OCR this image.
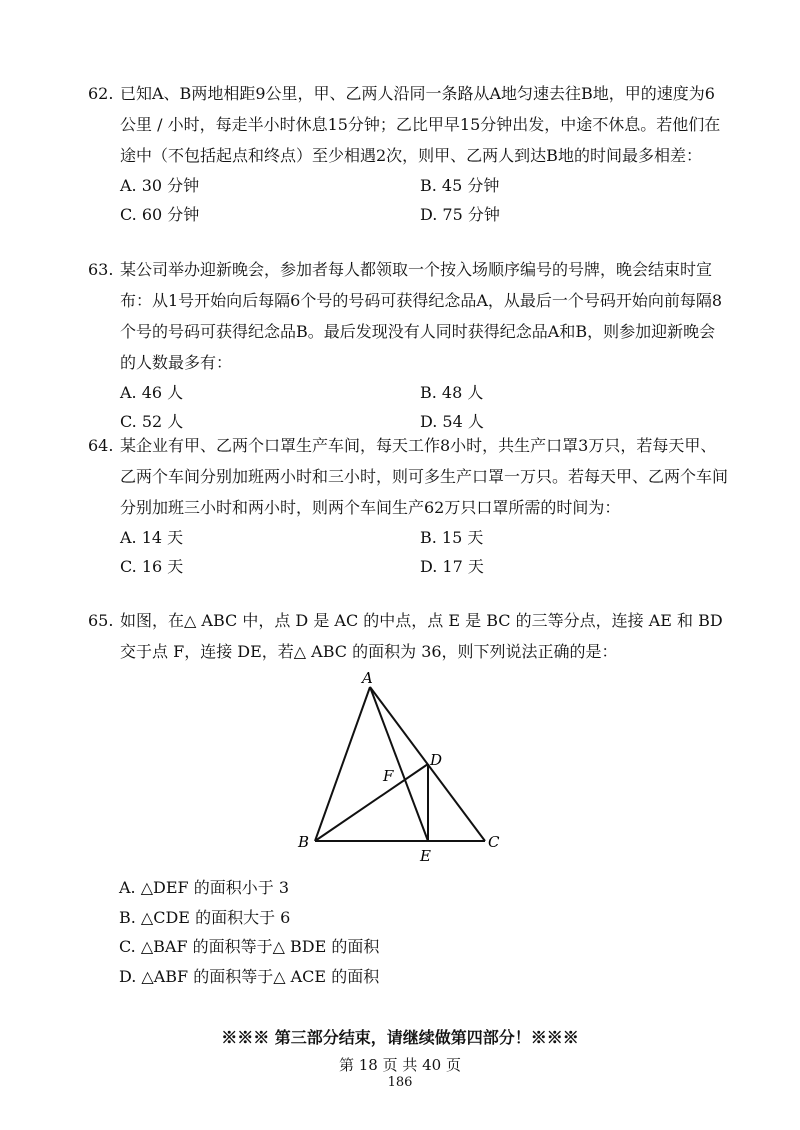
62. 已知A、B两地相距9公里，甲、乙两人沿同一条路从A地匀速去往B地，甲的速度为6公里 / 小时，每走半小时休息15分钟；乙比甲早15分钟出发，中途不休息。若他们在途中（不包括起点和终点）至少相遇2次，则甲、乙两人到达B地的时间最多相差：
A. 30 分钟	B. 45 分钟
C. 60 分钟	D. 75 分钟
63. 某公司举办迎新晚会，参加者每人都领取一个按入场顺序编号的号牌，晚会结束时宣布：从1号开始向后每隔6个号的号码可获得纪念品A，从最后一个号码开始向前每隔8个号的号码可获得纪念品B。最后发现没有人同时获得纪念品A和B，则参加迎新晚会的人数最多有：
A. 46 人	B. 48 人
C. 52 人	D. 54 人
64. 某企业有甲、乙两个口罩生产车间，每天工作8小时，共生产口罩3万只，若每天甲、乙两个车间分别加班两小时和三小时，则可多生产口罩一万只。若每天甲、乙两个车间分别加班三小时和两小时，则两个车间生产62万只口罩所需的时间为：
A. 14 天	B. 15 天
C. 16 天	D. 17 天
65. 如图，在△ ABC 中，点 D 是 AC 的中点，点 E 是 BC 的三等分点，连接 AE 和 BD 交于点 F，连接 DE，若△ ABC 的面积为 36，则下列说法正确的是：
A
B	C
D
E
F
A. △DEF 的面积小于 3
B. △CDE 的面积大于 6
C. △BAF 的面积等于△ BDE 的面积
D. △ABF 的面积等于△ ACE 的面积
※※※ 第三部分结束，请继续做第四部分！※※※
第 18 页 共 40 页
186
